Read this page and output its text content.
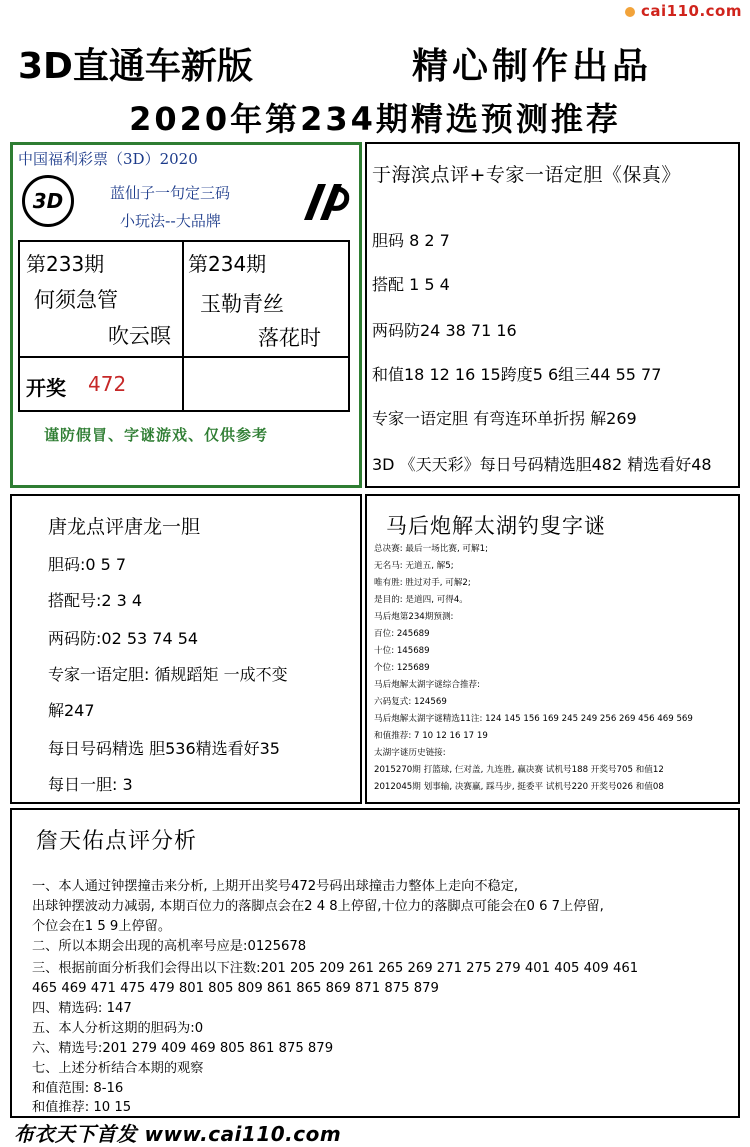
cai110.com
3D直通车新版	精心制作出品
2020年第234期精选预测推荐
中国福利彩票（3D）2020
3D	蓝仙子一句定三码
小玩法--大品牌
第233期
何须急管
吹云暝
第234期
玉勒青丝
落花时
开奖 472
谨防假冒、字谜游戏、仅供参考
于海滨点评+专家一语定胆《保真》
胆码 8 2 7
搭配 1 5 4
两码防24 38 71 16
和值18 12 16 15跨度5 6组三44 55 77
专家一语定胆 有弯连环单折拐 解269
3D 《天天彩》每日号码精选胆482 精选看好48
唐龙点评唐龙一胆
胆码:0 5 7
搭配号:2 3 4
两码防:02 53 74 54
专家一语定胆: 循规蹈矩 一成不变
解247
每日号码精选 胆536精选看好35
每日一胆: 3
马后炮解太湖钓叟字谜
总决赛: 最后一场比赛, 可解1;
无名马: 无道五, 解5;
唯有胜: 胜过对手, 可解2;
是目的: 是道四, 可得4。
马后炮第234期预测:
百位: 245689
十位: 145689
个位: 125689
马后炮解太湖字谜综合推荐:
六码复式: 124569
马后炮解太湖字谜精选11注: 124 145 156 169 245 249 256 269 456 469 569
和值推荐: 7 10 12 16 17 19
太湖字谜历史链接:
2015270期 打篮球, 仨对盖, 九连胜, 赢决赛 试机号188 开奖号705 和值12
2012045期 划事输, 决赛赢, 踩马步, 挺委平 试机号220 开奖号026 和值08
詹天佑点评分析
一、本人通过钟摆撞击来分析, 上期开出奖号472号码出球撞击力整体上走向不稳定,
出球钟摆波动力减弱, 本期百位力的落脚点会在2 4 8上停留,十位力的落脚点可能会在0 6 7上停留,
个位会在1 5 9上停留。
二、所以本期会出现的高机率号应是:0125678
三、根据前面分析我们会得出以下注数:201 205 209 261 265 269 271 275 279 401 405 409 461
465 469 471 475 479 801 805 809 861 865 869 871 875 879
四、精选码: 147
五、本人分析这期的胆码为:0
六、精选号:201 279 409 469 805 861 875 879
七、上述分析结合本期的观察
和值范围: 8-16
和值推荐: 10 15
布衣天下首发 www.cai110.com
